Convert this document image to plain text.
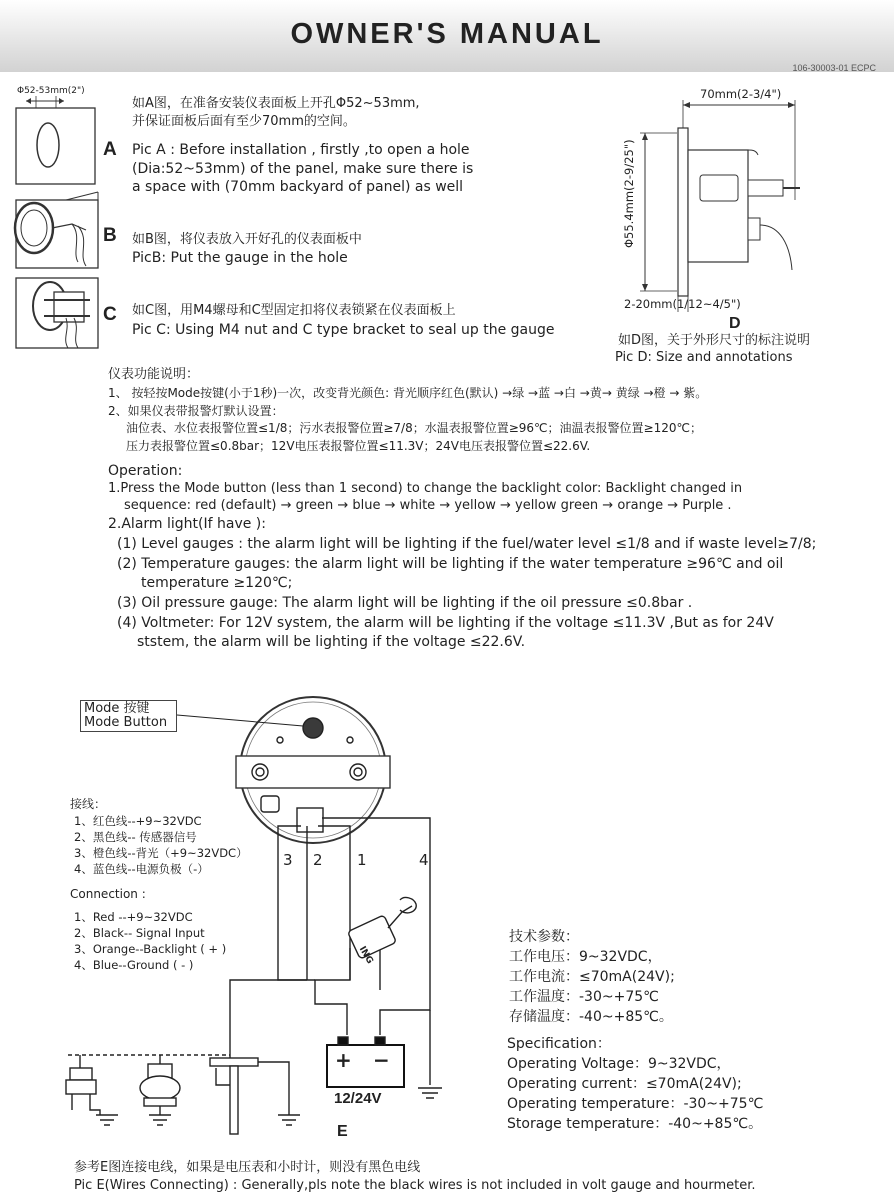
OWNER'S MANUAL
106-30003-01 ECPC
Φ52-53mm(2")
A
如A图，在准备安装仪表面板上开孔Φ52~53mm,
并保证面板后面有至少70mm的空间。
Pic A : Before installation , firstly ,to open a hole
(Dia:52~53mm) of the panel, make sure there is
a space with (70mm backyard of panel) as well
B 如B图，将仪表放入开好孔的仪表面板中
PicB: Put the gauge in the hole
C 如C图，用M4螺母和C型固定扣将仪表锁紧在仪表面板上
Pic C: Using M4 nut and C type bracket to seal up the gauge
70mm(2-3/4")
Φ55.4mm(2-9/25")
2-20mm(1/12~4/5")
D
如D图，关于外形尺寸的标注说明
Pic D: Size and annotations
仪表功能说明：
1、 按轻按Mode按键(小于1秒)一次，改变背光颜色: 背光顺序红色(默认) →绿 →蓝 →白 →黄→ 黄绿 →橙 → 紫。
2、如果仪表带报警灯默认设置：
油位表、水位表报警位置≤1/8；污水表报警位置≥7/8；水温表报警位置≥96℃；油温表报警位置≥120℃；
压力表报警位置≤0.8bar；12V电压表报警位置≤11.3V；24V电压表报警位置≤22.6V.
Operation:
1.Press the Mode button (less than 1 second) to change the backlight color: Backlight changed in
sequence: red (default) → green → blue → white → yellow → yellow green → orange → Purple .
2.Alarm light(If have ):
(1) Level gauges : the alarm light will be lighting if the fuel/water level ≤1/8 and if waste level≥7/8;
(2) Temperature gauges: the alarm light will be lighting if the water temperature ≥96℃ and oil
temperature ≥120℃;
(3) Oil pressure gauge: The alarm light will be lighting if the oil pressure ≤0.8bar .
(4) Voltmeter: For 12V system, the alarm will be lighting if the voltage ≤11.3V ,But as for 24V
ststem, the alarm will be lighting if the voltage ≤22.6V.
Mode 按键
Mode Button
3 2 1	4
ING
+ −
12/24V
E
接线：
1、红色线--+9~32VDC
2、黑色线-- 传感器信号
3、橙色线--背光（+9~32VDC）
4、蓝色线--电源负极（-）
Connection :
1、Red --+9~32VDC
2、Black-- Signal Input
3、Orange--Backlight ( + )
4、Blue--Ground ( - )
技术参数：
工作电压：9~32VDC，
工作电流：≤70mA(24V);
工作温度：-30~+75℃
存储温度：-40~+85℃。
Specification：
Operating Voltage：9~32VDC，
Operating current：≤70mA(24V);
Operating temperature：-30~+75℃
Storage temperature：-40~+85℃。
参考E图连接电线，如果是电压表和小时计，则没有黑色电线
Pic E(Wires Connecting) : Generally,pls note the black wires is not included in volt gauge and hourmeter.
